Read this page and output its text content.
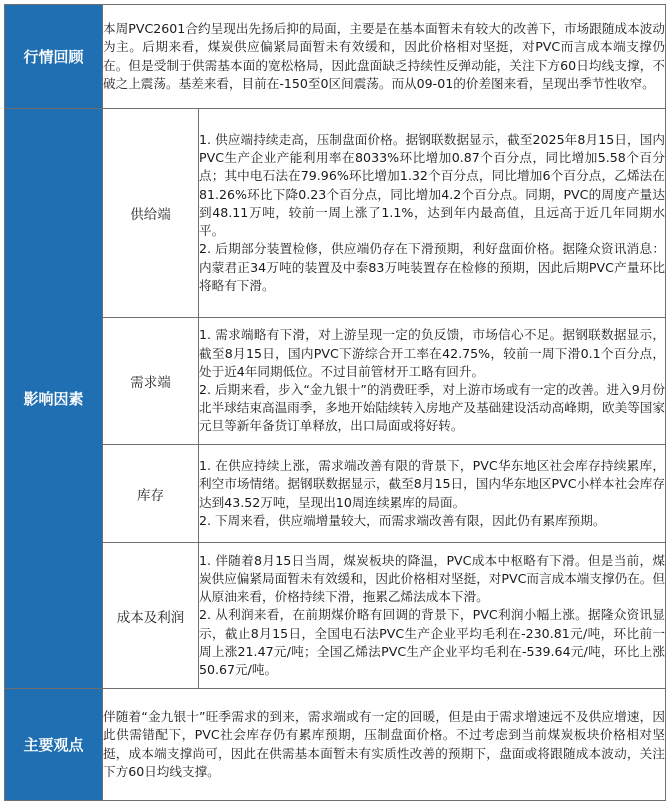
行情回顾	本周PVC2601合约呈现出先扬后抑的局面，主要是在基本面暂未有较大的改善下，市场跟随成本波动为主。后期来看，煤炭供应偏紧局面暂未有效缓和，因此价格相对坚挺，对PVC而言成本端支撑仍在。但是受制于供需基本面的宽松格局，因此盘面缺乏持续性反弹动能，关注下方60日均线支撑，不破之上震荡。基差来看，目前在-150至0区间震荡。而从09-01的价差图来看，呈现出季节性收窄。	

影响因素	供给端	1. 供应端持续走高，压制盘面价格。据钢联数据显示，截至2025年8月15日，国内PVC生产企业产能利用率在8033%环比增加0.87个百分点，同比增加5.58个百分点；其中电石法在79.96%环比增加1.32个百分点，同比增加6个百分点，乙烯法在81.26%环比下降0.23个百分点，同比增加4.2个百分点。同期，PVC的周度产量达到48.11万吨，较前一周上涨了1.1%，达到年内最高值，且远高于近几年同期水平。

2. 后期部分装置检修，供应端仍存在下滑预期，利好盘面价格。据隆众资讯消息：内蒙君正34万吨的装置及中泰83万吨装置存在检修的预期，因此后期PVC产量环比将略有下滑。

	需求端	1. 需求端略有下滑，对上游呈现一定的负反馈，市场信心不足。据钢联数据显示，截至8月15日，国内PVC下游综合开工率在42.75%，较前一周下滑0.1个百分点，处于近4年同期低位。不过目前管材开工略有回升。

2. 后期来看，步入“金九银十”的消费旺季，对上游市场或有一定的改善。进入9月份北半球结束高温雨季，多地开始陆续转入房地产及基础建设活动高峰期，欧美等国家元旦等新年备货订单释放，出口局面或将好转。

	库存	1. 在供应持续上涨，需求端改善有限的背景下，PVC华东地区社会库存持续累库，利空市场情绪。据钢联数据显示，截至8月15日，国内华东地区PVC小样本社会库存达到43.52万吨，呈现出10周连续累库的局面。

2. 下周来看，供应端增量较大，而需求端改善有限，因此仍有累库预期。

	成本及利润	1. 伴随着8月15日当周，煤炭板块的降温，PVC成本中枢略有下滑。但是当前，煤炭供应偏紧局面暂未有效缓和，因此价格相对坚挺，对PVC而言成本端支撑仍在。但从原油来看，价格持续下滑，拖累乙烯法成本下滑。

2. 从利润来看，在前期煤价略有回调的背景下，PVC利润小幅上涨。据隆众资讯显示，截止8月15日，全国电石法PVC生产企业平均毛利在-230.81元/吨，环比前一周上涨21.47元/吨；全国乙烯法PVC生产企业平均毛利在-539.64元/吨，环比上涨50.67元/吨。

主要观点	伴随着“金九银十”旺季需求的到来，需求端或有一定的回暖，但是由于需求增速远不及供应增速，因此供需错配下，PVC社会库存仍有累库预期，压制盘面价格。不过考虑到当前煤炭板块价格相对坚挺，成本端支撑尚可，因此在供需基本面暂未有实质性改善的预期下，盘面或将跟随成本波动，关注下方60日均线支撑。	
